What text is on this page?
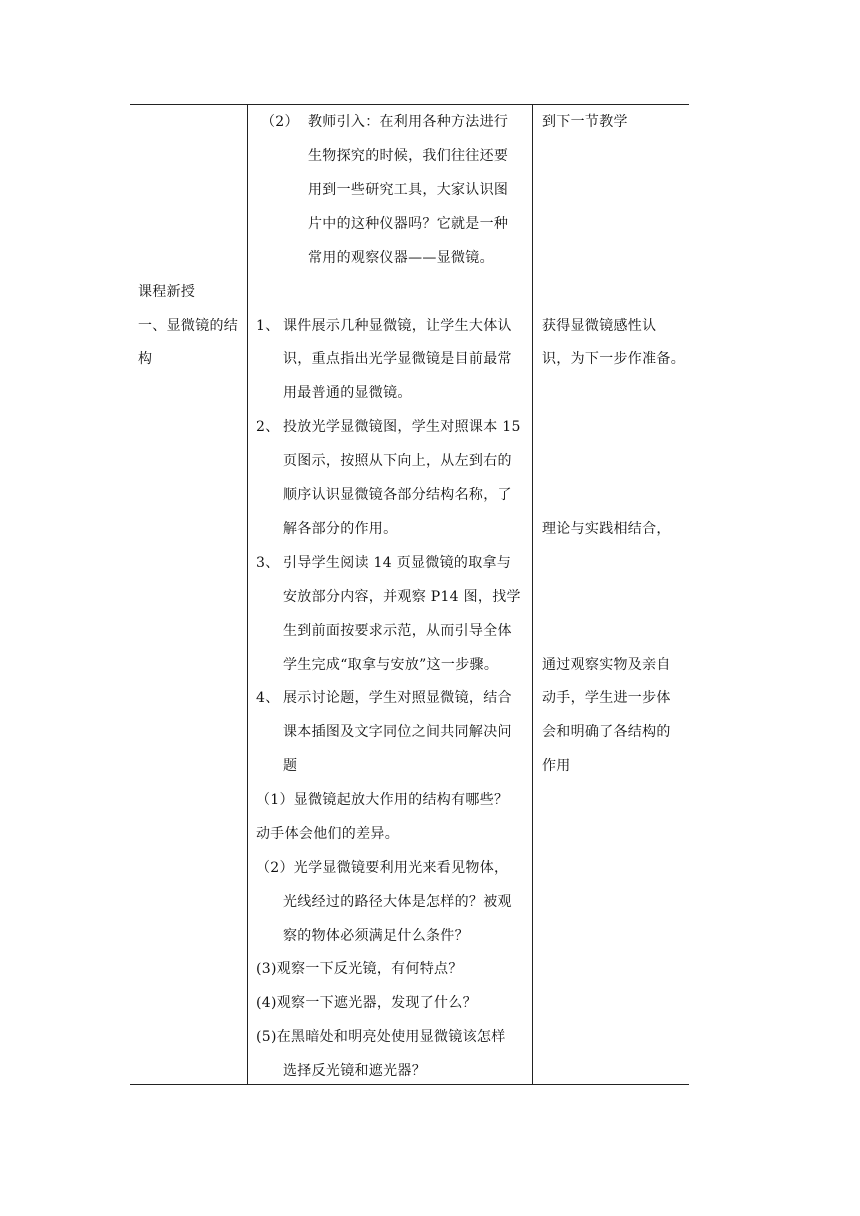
课程新授
一、显微镜的结
构
（2） 教师引入：在利用各种方法进行
生物探究的时候，我们往往还要
用到一些研究工具，大家认识图
片中的这种仪器吗？它就是一种
常用的观察仪器——显微镜。
1、 课件展示几种显微镜，让学生大体认
识，重点指出光学显微镜是目前最常
用最普通的显微镜。
2、 投放光学显微镜图，学生对照课本 15
页图示，按照从下向上，从左到右的
顺序认识显微镜各部分结构名称，了
解各部分的作用。
3、 引导学生阅读 14 页显微镜的取拿与
安放部分内容，并观察 P14 图，找学
生到前面按要求示范，从而引导全体
学生完成“取拿与安放”这一步骤。
4、 展示讨论题，学生对照显微镜，结合
课本插图及文字同位之间共同解决问
题
（1）显微镜起放大作用的结构有哪些？
动手体会他们的差异。
（2）光学显微镜要利用光来看见物体，
光线经过的路径大体是怎样的？被观
察的物体必须满足什么条件？
(3)观察一下反光镜，有何特点？
(4)观察一下遮光器，发现了什么？
(5)在黑暗处和明亮处使用显微镜该怎样
选择反光镜和遮光器？
到下一节教学
获得显微镜感性认
识，为下一步作准备。
理论与实践相结合，
通过观察实物及亲自
动手，学生进一步体
会和明确了各结构的
作用
